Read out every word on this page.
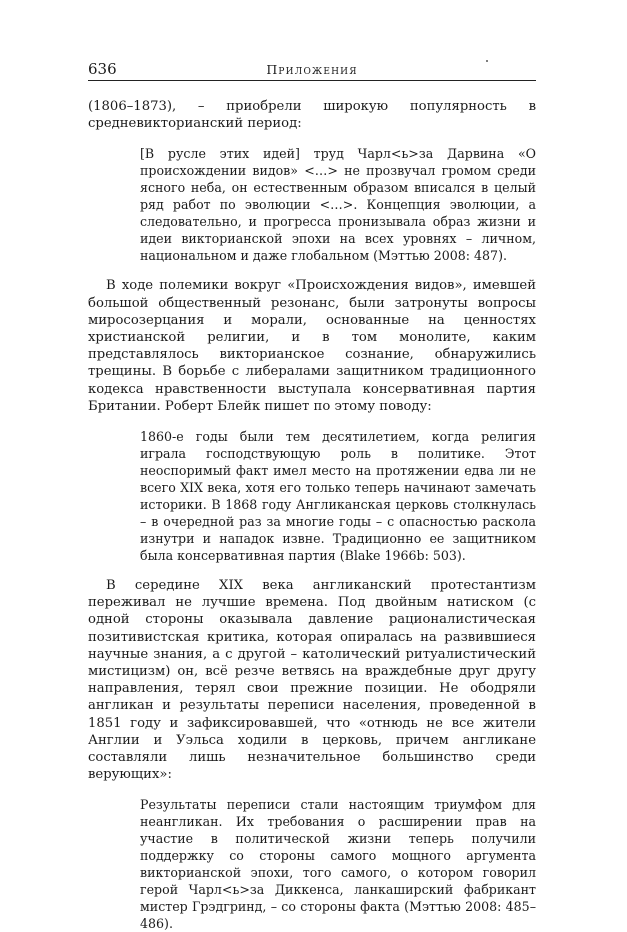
636	Приложения

(1806–1873), – приобрели широкую популярность в средневикторианский период:

[В русле этих идей] труд Чарл<ь>за Дарвина «О происхождении видов» <…> не прозвучал громом среди ясного неба, он естественным образом вписался в целый ряд работ по эволюции <…>. Концепция эволюции, а следовательно, и прогресса пронизывала образ жизни и идеи викторианской эпохи на всех уровнях – личном, национальном и даже глобальном (Мэттью 2008: 487).

В ходе полемики вокруг «Происхождения видов», имевшей большой общественный резонанс, были затронуты вопросы миросозерцания и морали, основанные на ценностях христианской религии, и в том монолите, каким представлялось викторианское сознание, обнаружились трещины. В борьбе с либералами защитником традиционного кодекса нравственности выступала консервативная партия Британии. Роберт Блейк пишет по этому поводу:

1860-е годы были тем десятилетием, когда религия играла господствующую роль в политике. Этот неоспоримый факт имел место на протяжении едва ли не всего XIX века, хотя его только теперь начинают замечать историки. В 1868 году Англиканская церковь столкнулась – в очередной раз за многие годы – с опасностью раскола изнутри и нападок извне. Традиционно ее защитником была консервативная партия (Blake 1966b: 503).

В середине XIX века англиканский протестантизм переживал не лучшие времена. Под двойным натиском (с одной стороны оказывала давление рационалистическая позитивистская критика, которая опиралась на развившиеся научные знания, а с другой – католический ритуалистический мистицизм) он, всё резче ветвясь на враждебные друг другу направления, терял свои прежние позиции. Не ободряли англикан и результаты переписи населения, проведенной в 1851 году и зафиксировавшей, что «отнюдь не все жители Англии и Уэльса ходили в церковь, причем англикане составляли лишь незначительное большинство среди верующих»:

Результаты переписи стали настоящим триумфом для неангликан. Их требования о расширении прав на участие в политической жизни теперь получили поддержку со стороны самого мощного аргумента викторианской эпохи, того самого, о котором говорил герой Чарл<ь>за Диккенса, ланкаширский фабрикант мистер Грэдгринд, – со стороны факта (Мэттью 2008: 485–486).
